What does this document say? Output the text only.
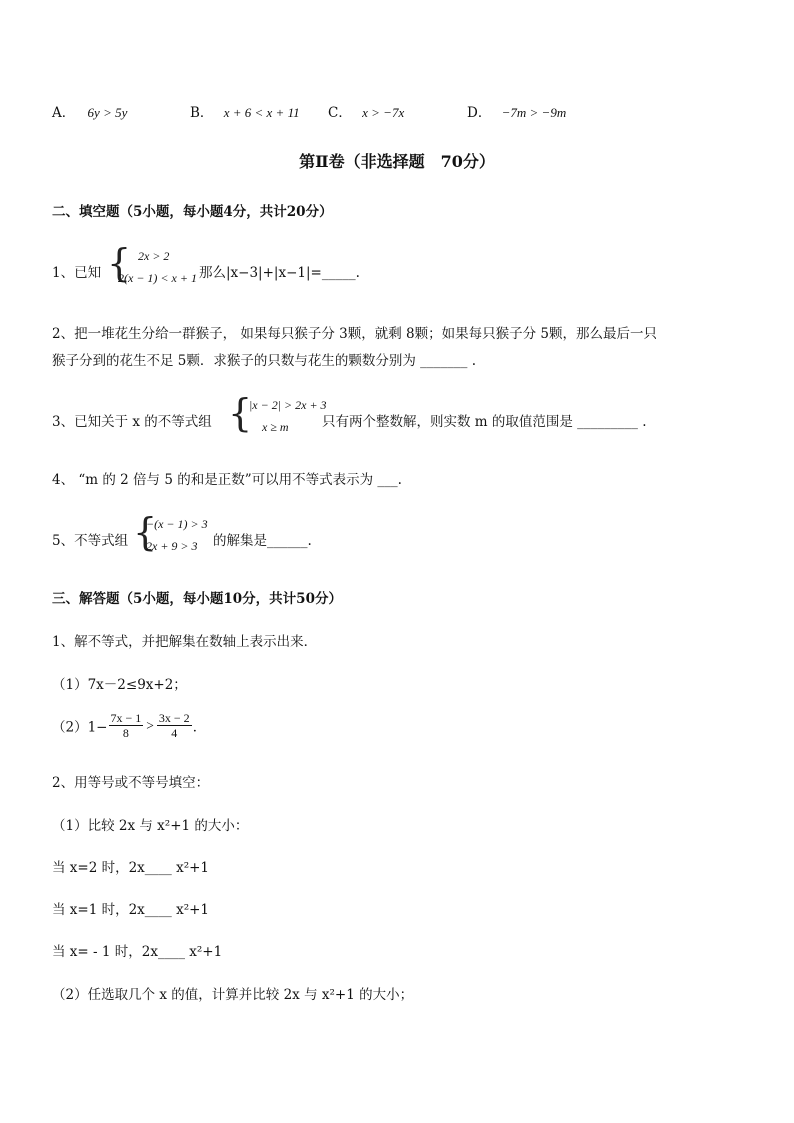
A． 6y > 5y	B． x + 6 < x + 11 C． x > −7x	D． −7m > −9m
第Ⅱ卷（非选择题　70分）
二、填空题（5小题，每小题4分，共计20分）
1、已知 { 2x > 2
2(x − 1) < x + 1 那么|x−3|+|x−1|=_____.
2、把一堆花生分给一群猴子， 如果每只猴子分 3颗，就剩 8颗；如果每只猴子分 5颗，那么最后一只
猴子分到的花生不足 5颗．求猴子的只数与花生的颗数分别为 _______ .
3、已知关于 x 的不等式组 {
|x − 2| > 2x + 3
x ≥ m 只有两个整数解，则实数 m 的取值范围是 _________ .
4、 “m 的 2 倍与 5 的和是正数”可以用不等式表示为 ___.
5、不等式组 {
−(x − 1) > 3
2x + 9 > 3 的解集是______.
三、解答题（5小题，每小题10分，共计50分）
1、解不等式，并把解集在数轴上表示出来．
（1）7x－2≤9x+2；
$(2)1- \frac{7x - 1}{8} > \frac{3x - 2}{4}$ ．
2、用等号或不等号填空：
（1）比较 2x 与 x²+1 的大小：
当 x=2 时，2x____ x²+1
当 x=1 时，2x____ x²+1
当 x= - 1 时，2x____ x²+1
（2）任选取几个 x 的值，计算并比较 2x 与 x²+1 的大小；
